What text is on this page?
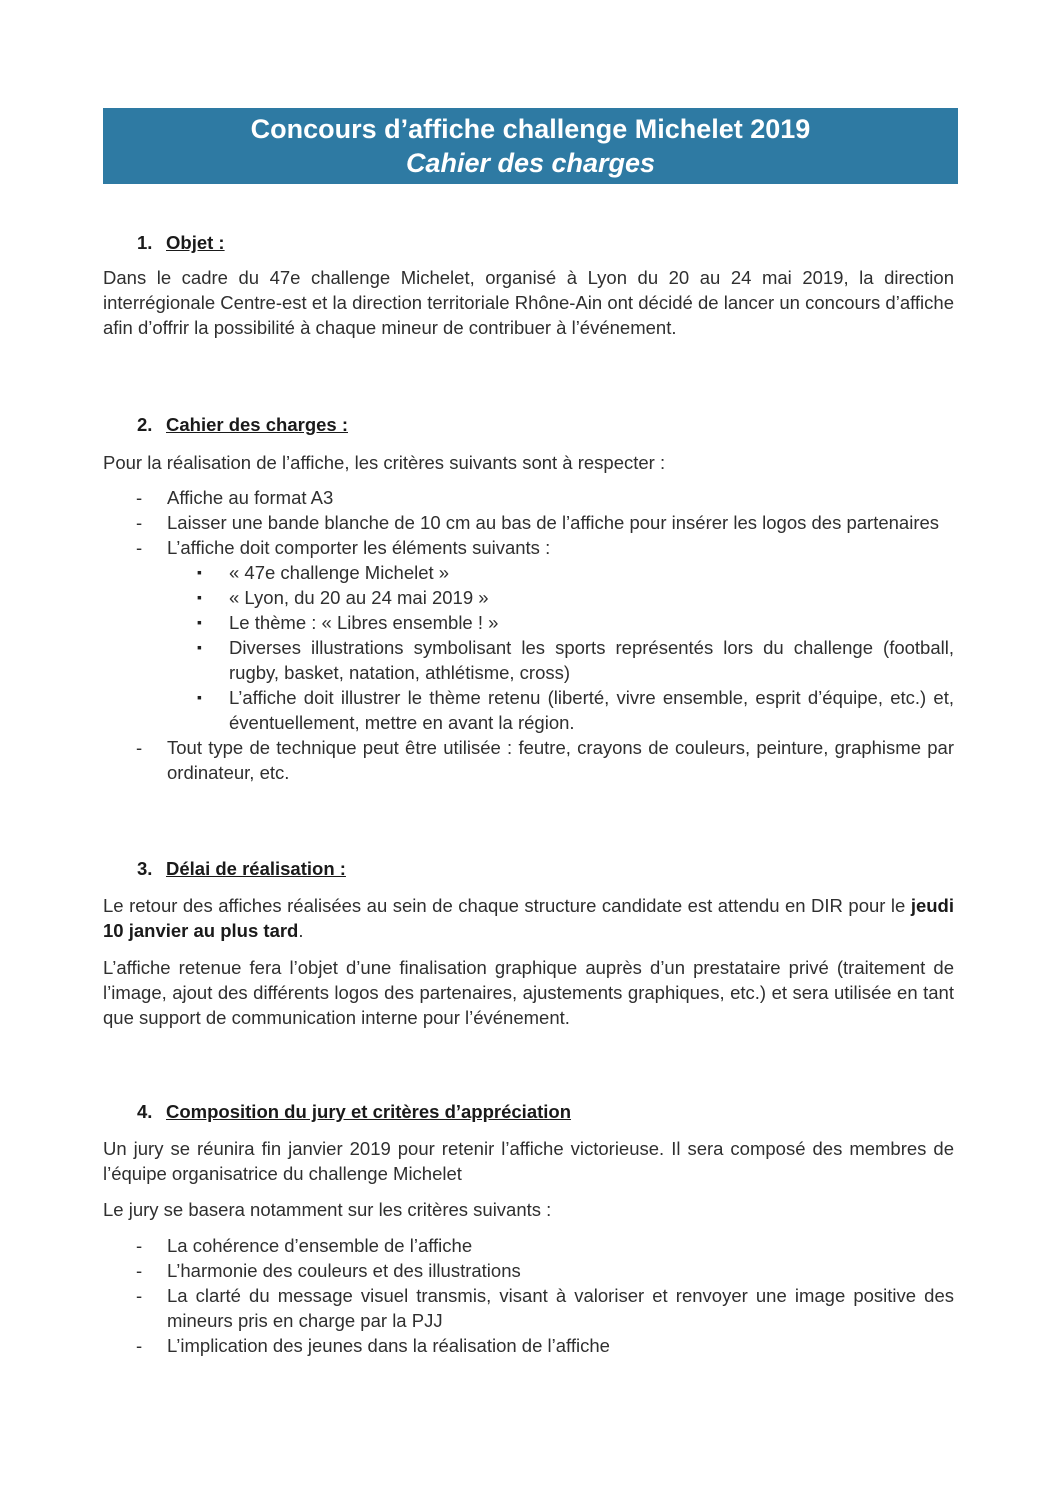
Concours d’affiche challenge Michelet 2019
Cahier des charges
1. Objet :
Dans le cadre du 47e challenge Michelet, organisé à Lyon du 20 au 24 mai 2019, la direction interrégionale Centre-est et la direction territoriale Rhône-Ain ont décidé de lancer un concours d’affiche afin d’offrir la possibilité à chaque mineur de contribuer à l’événement.
2. Cahier des charges :
Pour la réalisation de l’affiche, les critères suivants sont à respecter :
- Affiche au format A3
- Laisser une bande blanche de 10 cm au bas de l’affiche pour insérer les logos des partenaires
- L’affiche doit comporter les éléments suivants :
▪ « 47e challenge Michelet »
▪ « Lyon, du 20 au 24 mai 2019 »
▪ Le thème : « Libres ensemble ! »
▪ Diverses illustrations symbolisant les sports représentés lors du challenge (football, rugby, basket, natation, athlétisme, cross)
▪ L’affiche doit illustrer le thème retenu (liberté, vivre ensemble, esprit d’équipe, etc.) et, éventuellement, mettre en avant la région.
- Tout type de technique peut être utilisée : feutre, crayons de couleurs, peinture, graphisme par ordinateur, etc.
3. Délai de réalisation :
Le retour des affiches réalisées au sein de chaque structure candidate est attendu en DIR pour le jeudi 10 janvier au plus tard.
L’affiche retenue fera l’objet d’une finalisation graphique auprès d’un prestataire privé (traitement de l’image, ajout des différents logos des partenaires, ajustements graphiques, etc.) et sera utilisée en tant que support de communication interne pour l’événement.
4. Composition du jury et critères d’appréciation
Un jury se réunira fin janvier 2019 pour retenir l’affiche victorieuse. Il sera composé des membres de l’équipe organisatrice du challenge Michelet
Le jury se basera notamment sur les critères suivants :
- La cohérence d’ensemble de l’affiche
- L’harmonie des couleurs et des illustrations
- La clarté du message visuel transmis, visant à valoriser et renvoyer une image positive des mineurs pris en charge par la PJJ
- L’implication des jeunes dans la réalisation de l’affiche
